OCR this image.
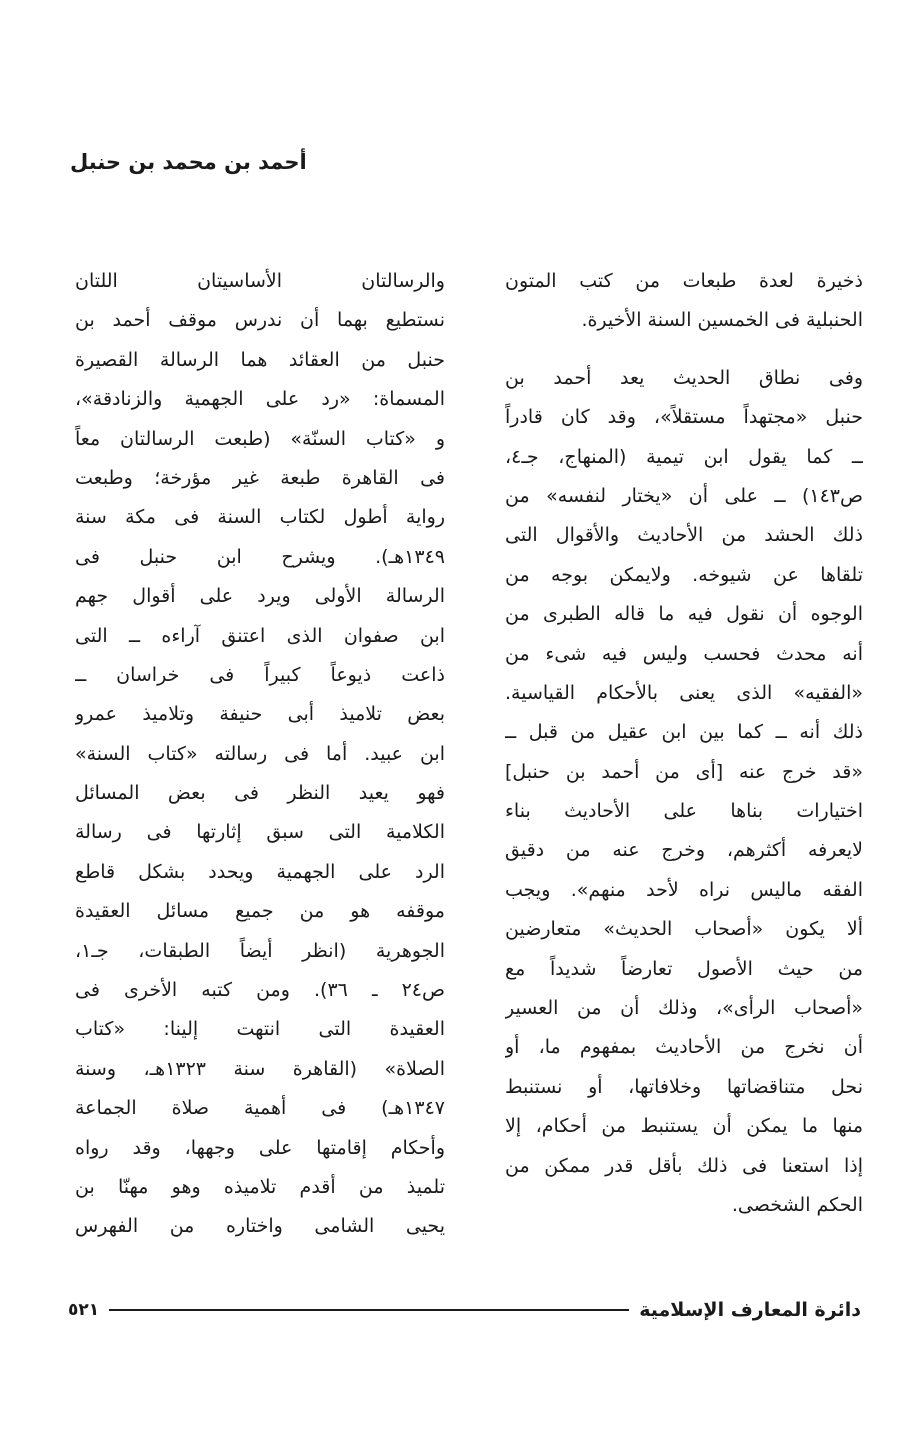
أحمد بن محمد بن حنبل
ذخيرة لعدة طبعات من كتب المتون
الحنبلية فى الخمسين السنة الأخيرة.
وفى نطاق الحديث يعد أحمد بن
حنبل «مجتهداً مستقلاً»، وقد كان قادراً
ــ كما يقول ابن تيمية (المنهاج، جـ٤،
ص١٤٣) ــ على أن «يختار لنفسه» من
ذلك الحشد من الأحاديث والأقوال التى
تلقاها عن شيوخه. ولايمكن بوجه من
الوجوه أن نقول فيه ما قاله الطبرى من
أنه محدث فحسب وليس فيه شىء من
«الفقيه» الذى يعنى بالأحكام القياسية.
ذلك أنه ــ كما بين ابن عقيل من قبل ــ
«قد خرج عنه [أى من أحمد بن حنبل]
اختيارات بناها على الأحاديث بناء
لايعرفه أكثرهم، وخرج عنه من دقيق
الفقه ماليس نراه لأحد منهم». ويجب
ألا يكون «أصحاب الحديث» متعارضين
من حيث الأصول تعارضاً شديداً مع
«أصحاب الرأى»، وذلك أن من العسير
أن نخرج من الأحاديث بمفهوم ما، أو
نحل متناقضاتها وخلافاتها، أو نستنبط
منها ما يمكن أن يستنبط من أحكام، إلا
إذا استعنا فى ذلك بأقل قدر ممكن من
الحكم الشخصى.
والرسالتان الأساسيتان اللتان
نستطيع بهما أن ندرس موقف أحمد بن
حنبل من العقائد هما الرسالة القصيرة
المسماة: «رد على الجهمية والزنادقة»،
و «كتاب السنّة» (طبعت الرسالتان معاً
فى القاهرة طبعة غير مؤرخة؛ وطبعت
رواية أطول لكتاب السنة فى مكة سنة
١٣٤٩هـ). ويشرح ابن حنبل فى
الرسالة الأولى ويرد على أقوال جهم
ابن صفوان الذى اعتنق آراءه ــ التى
ذاعت ذيوعاً كبيراً فى خراسان ــ
بعض تلاميذ أبى حنيفة وتلاميذ عمرو
ابن عبيد. أما فى رسالته «كتاب السنة»
فهو يعيد النظر فى بعض المسائل
الكلامية التى سبق إثارتها فى رسالة
الرد على الجهمية ويحدد بشكل قاطع
موقفه هو من جميع مسائل العقيدة
الجوهرية (انظر أيضاً الطبقات، جـ١،
ص٢٤ ـ ٣٦). ومن كتبه الأخرى فى
العقيدة التى انتهت إلينا: «كتاب
الصلاة» (القاهرة سنة ١٣٢٣هـ، وسنة
١٣٤٧هـ) فى أهمية صلاة الجماعة
وأحكام إقامتها على وجهها، وقد رواه
تلميذ من أقدم تلاميذه وهو مهنّا بن
يحيى الشامى واختاره من الفهرس
دائرة المعارف الإسلامية
٥٢١
